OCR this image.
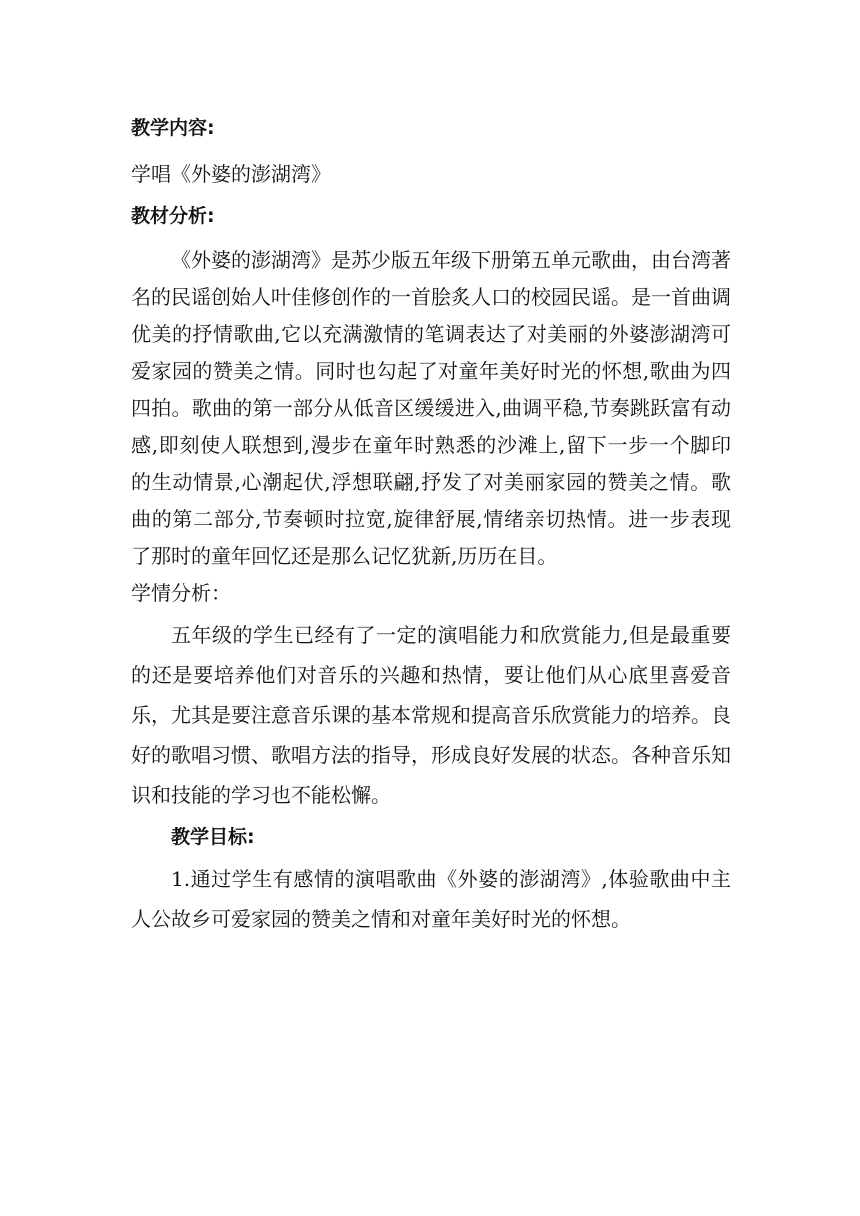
教学内容:
学唱《外婆的澎湖湾》
教材分析:
《外婆的澎湖湾》是苏少版五年级下册第五单元歌曲，由台湾著
名的民谣创始人叶佳修创作的一首脍炙人口的校园民谣。是一首曲调
优美的抒情歌曲,它以充满激情的笔调表达了对美丽的外婆澎湖湾可
爱家园的赞美之情。同时也勾起了对童年美好时光的怀想,歌曲为四
四拍。歌曲的第一部分从低音区缓缓进入,曲调平稳,节奏跳跃富有动
感,即刻使人联想到,漫步在童年时熟悉的沙滩上,留下一步一个脚印
的生动情景,心潮起伏,浮想联翩,抒发了对美丽家园的赞美之情。歌
曲的第二部分,节奏顿时拉宽,旋律舒展,情绪亲切热情。进一步表现
了那时的童年回忆还是那么记忆犹新,历历在目。
学情分析：
五年级的学生已经有了一定的演唱能力和欣赏能力,但是最重要
的还是要培养他们对音乐的兴趣和热情，要让他们从心底里喜爱音
乐，尤其是要注意音乐课的基本常规和提高音乐欣赏能力的培养。良
好的歌唱习惯、歌唱方法的指导，形成良好发展的状态。各种音乐知
识和技能的学习也不能松懈。
教学目标:
1.通过学生有感情的演唱歌曲《外婆的澎湖湾》,体验歌曲中主
人公故乡可爱家园的赞美之情和对童年美好时光的怀想。
